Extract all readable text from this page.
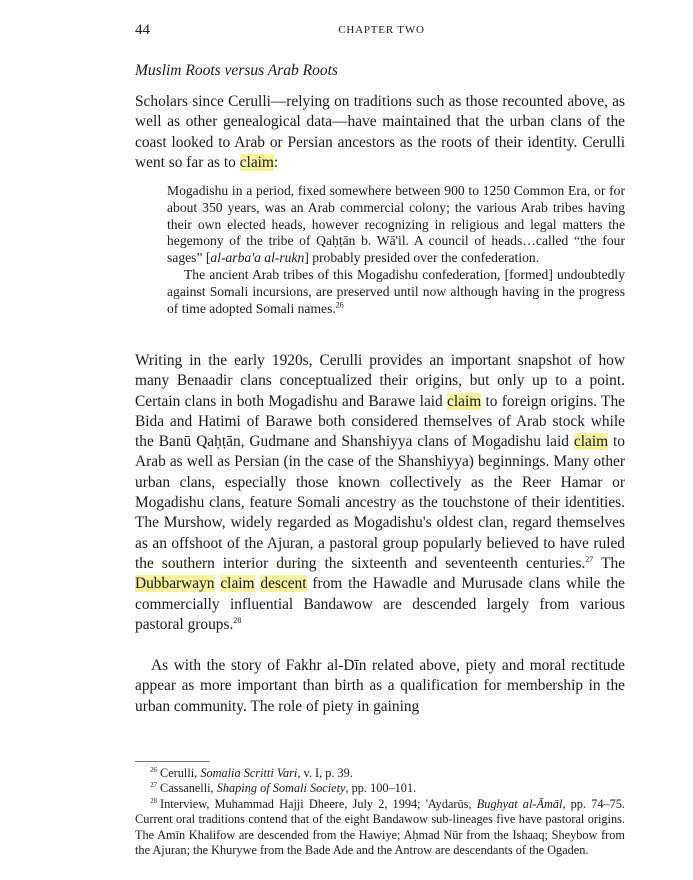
44	CHAPTER TWO
Muslim Roots versus Arab Roots

Scholars since Cerulli—relying on traditions such as those recounted above, as well as other genealogical data—have maintained that the urban clans of the coast looked to Arab or Persian ancestors as the roots of their identity. Cerulli went so far as to claim:

Mogadishu in a period, fixed somewhere between 900 to 1250 Common Era, or for about 350 years, was an Arab commercial colony; the various Arab tribes having their own elected heads, however recognizing in religious and legal matters the hegemony of the tribe of Qaḥṭān b. Wā'il. A council of heads…called “the four sages” [al-arba'a al-rukn] probably presided over the confederation.

The ancient Arab tribes of this Mogadishu confederation, [formed] undoubtedly against Somali incursions, are preserved until now although having in the progress of time adopted Somali names.$^{26}$

Writing in the early 1920s, Cerulli provides an important snapshot of how many Benaadir clans conceptualized their origins, but only up to a point. Certain clans in both Mogadishu and Barawe laid claim to foreign origins. The Bida and Hatimi of Barawe both considered themselves of Arab stock while the Banū Qaḥṭān, Gudmane and Shanshiyya clans of Mogadishu laid claim to Arab as well as Persian (in the case of the Shanshiyya) beginnings. Many other urban clans, especially those known collectively as the Reer Hamar or Mogadishu clans, feature Somali ancestry as the touchstone of their identities. The Murshow, widely regarded as Mogadishu's oldest clan, regard themselves as an offshoot of the Ajuran, a pastoral group popularly believed to have ruled the southern interior during the sixteenth and seventeenth centuries.$^{27}$ The Dubbarwayn claim descent from the Hawadle and Murusade clans while the commercially influential Bandawow are descended largely from various pastoral groups.$^{28}$

As with the story of Fakhr al-Dīn related above, piety and moral rectitude appear as more important than birth as a qualification for membership in the urban community. The role of piety in gaining

$^{26}$ Cerulli, Somalia Scritti Vari, v. I, p. 39.

$^{27}$ Cassanelli, Shaping of Somali Society, pp. 100–101.

$^{28}$ Interview, Muhammad Hajji Dheere, July 2, 1994; 'Aydarūs, Bughyat al-Āmāl, pp. 74–75. Current oral traditions contend that of the eight Bandawow sub-lineages five have pastoral origins. The Amīn Khalifow are descended from the Hawiye; Aḥmad Nūr from the Ishaaq; Sheybow from the Ajuran; the Khurywe from the Bade Ade and the Antrow are descendants of the Ogaden.
